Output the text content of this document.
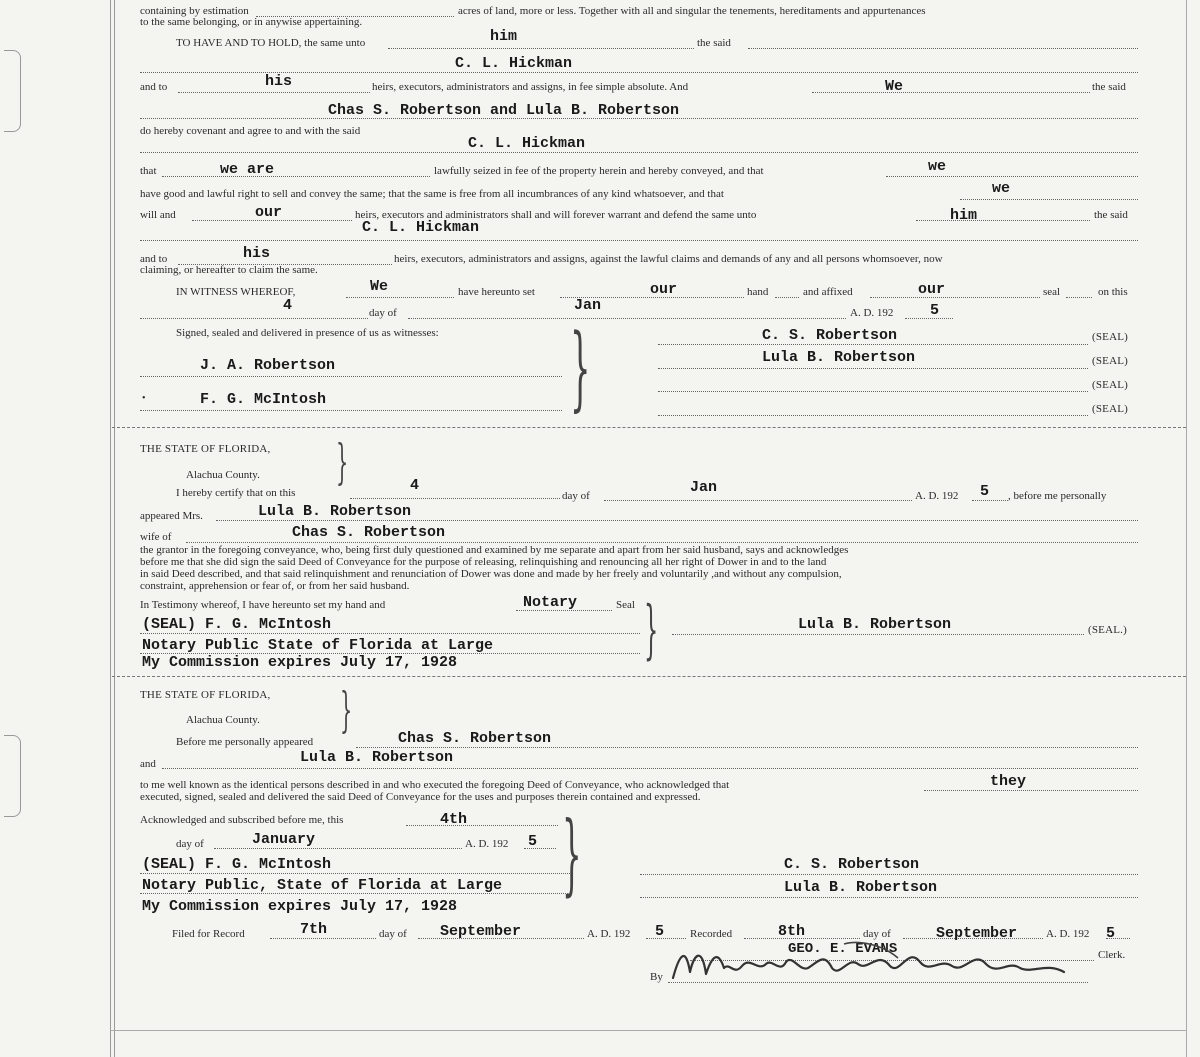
containing by estimation	acres of land, more or less. Together with all and singular the tenements, hereditaments and appurtenances
to the same belonging, or in anywise appertaining.
TO HAVE AND TO HOLD, the same unto	him	the said
C. L. Hickman
and to	his	heirs, executors, administrators and assigns, in fee simple absolute. And	We	the said
Chas S. Robertson and Lula B. Robertson
do hereby covenant and agree to and with the said
C. L. Hickman
that	we are	lawfully seized in fee of the property herein and hereby conveyed, and that	we
have good and lawful right to sell and convey the same; that the same is free from all incumbrances of any kind whatsoever, and that	we
will and	our	heirs, executors and administrators shall and will forever warrant and defend the same unto	him	the said
C. L. Hickman
and to	his	heirs, executors, administrators and assigns, against the lawful claims and demands of any and all persons whomsoever, now
claiming, or hereafter to claim the same.
IN WITNESS WHEREOF,	We	have hereunto set	our	hand	and affixed	our	seal	on this
4	day of	Jan	A. D. 192 5
Signed, sealed and delivered in presence of us as witnesses: }
J. A. Robertson
•	F. G. McIntosh
C. S. Robertson	(SEAL)
Lula B. Robertson	(SEAL)
(SEAL)
(SEAL)
THE STATE OF FLORIDA,
Alachua County. }
I hereby certify that on this	4
day of	Jan	A. D. 192 5 , before me personally
appeared Mrs.	Lula B. Robertson
wife of	Chas S. Robertson
the grantor in the foregoing conveyance, who, being first duly questioned and examined by me separate and apart from her said husband, says and acknowledges
before me that she did sign the said Deed of Conveyance for the purpose of releasing, relinquishing and renouncing all her right of Dower in and to the land
in said Deed described, and that said relinquishment and renunciation of Dower was done and made by her freely and voluntarily ,and without any compulsion,
constraint, apprehension or fear of, or from her said husband.
In Testimony whereof, I have hereunto set my hand and	Notary	Seal }
(SEAL) F. G. McIntosh
Notary Public State of Florida at Large
My Commission expires July 17, 1928
Lula B. Robertson	(SEAL.)
THE STATE OF FLORIDA,
Alachua County. }
Before me personally appeared	Chas S. Robertson
and	Lula B. Robertson
to me well known as the identical persons described in and who executed the foregoing Deed of Conveyance, who acknowledged that	they
executed, signed, sealed and delivered the said Deed of Conveyance for the uses and purposes therein contained and expressed.
Acknowledged and subscribed before me, this	4th }
day of	January	A. D. 192 5
(SEAL) F. G. McIntosh
Notary Public, State of Florida at Large
My Commission expires July 17, 1928
C. S. Robertson
Lula B. Robertson
Filed for Record	7th	day of September	A. D. 192 5 Recorded	8th	day of	September	A. D. 192 5
GEO. E. EVANS	Clerk.
By
